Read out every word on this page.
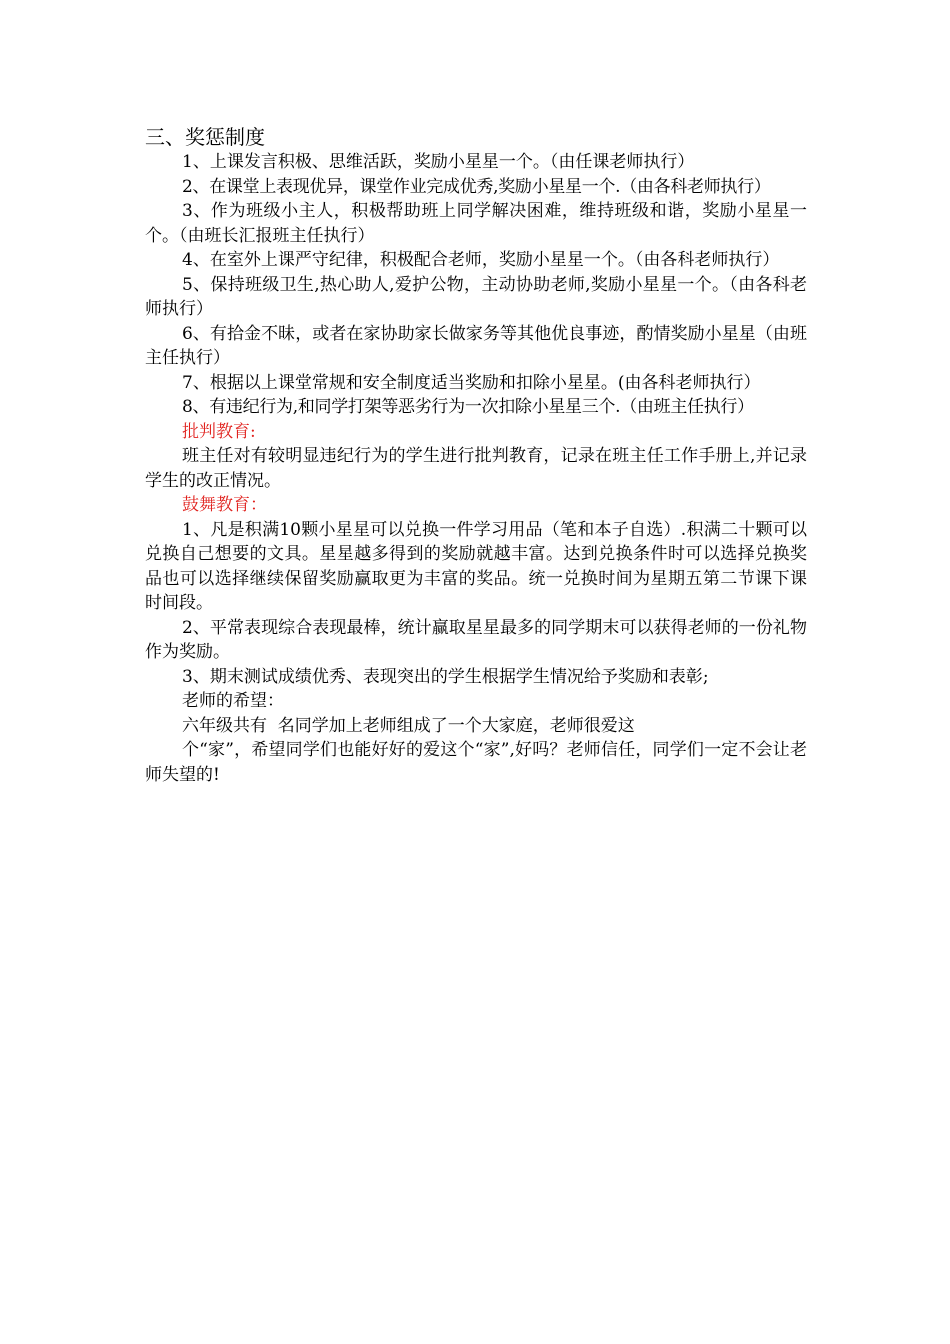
三、奖惩制度

1、上课发言积极、思维活跃，奖励小星星一个。（由任课老师执行）

2、在课堂上表现优异，课堂作业完成优秀,奖励小星星一个.（由各科老师执行）

3、作为班级小主人，积极帮助班上同学解决困难，维持班级和谐，奖励小星星一个。（由班长汇报班主任执行）

4、在室外上课严守纪律，积极配合老师，奖励小星星一个。（由各科老师执行）

5、保持班级卫生,热心助人,爱护公物，主动协助老师,奖励小星星一个。（由各科老师执行）

6、有拾金不昧，或者在家协助家长做家务等其他优良事迹，酌情奖励小星星（由班主任执行）

7、根据以上课堂常规和安全制度适当奖励和扣除小星星。(由各科老师执行）

8、有违纪行为,和同学打架等恶劣行为一次扣除小星星三个.（由班主任执行）

批判教育:

班主任对有较明显违纪行为的学生进行批判教育，记录在班主任工作手册上,并记录学生的改正情况。

鼓舞教育：

1、凡是积满10颗小星星可以兑换一件学习用品（笔和本子自选）.积满二十颗可以兑换自己想要的文具。星星越多得到的奖励就越丰富。达到兑换条件时可以选择兑换奖品也可以选择继续保留奖励赢取更为丰富的奖品。统一兑换时间为星期五第二节课下课时间段。

2、平常表现综合表现最棒，统计赢取星星最多的同学期末可以获得老师的一份礼物作为奖励。

3、期末测试成绩优秀、表现突出的学生根据学生情况给予奖励和表彰;

老师的希望：

六年级共有  名同学加上老师组成了一个大家庭，老师很爱这

个“家”，希望同学们也能好好的爱这个“家”,好吗？老师信任，同学们一定不会让老师失望的!
